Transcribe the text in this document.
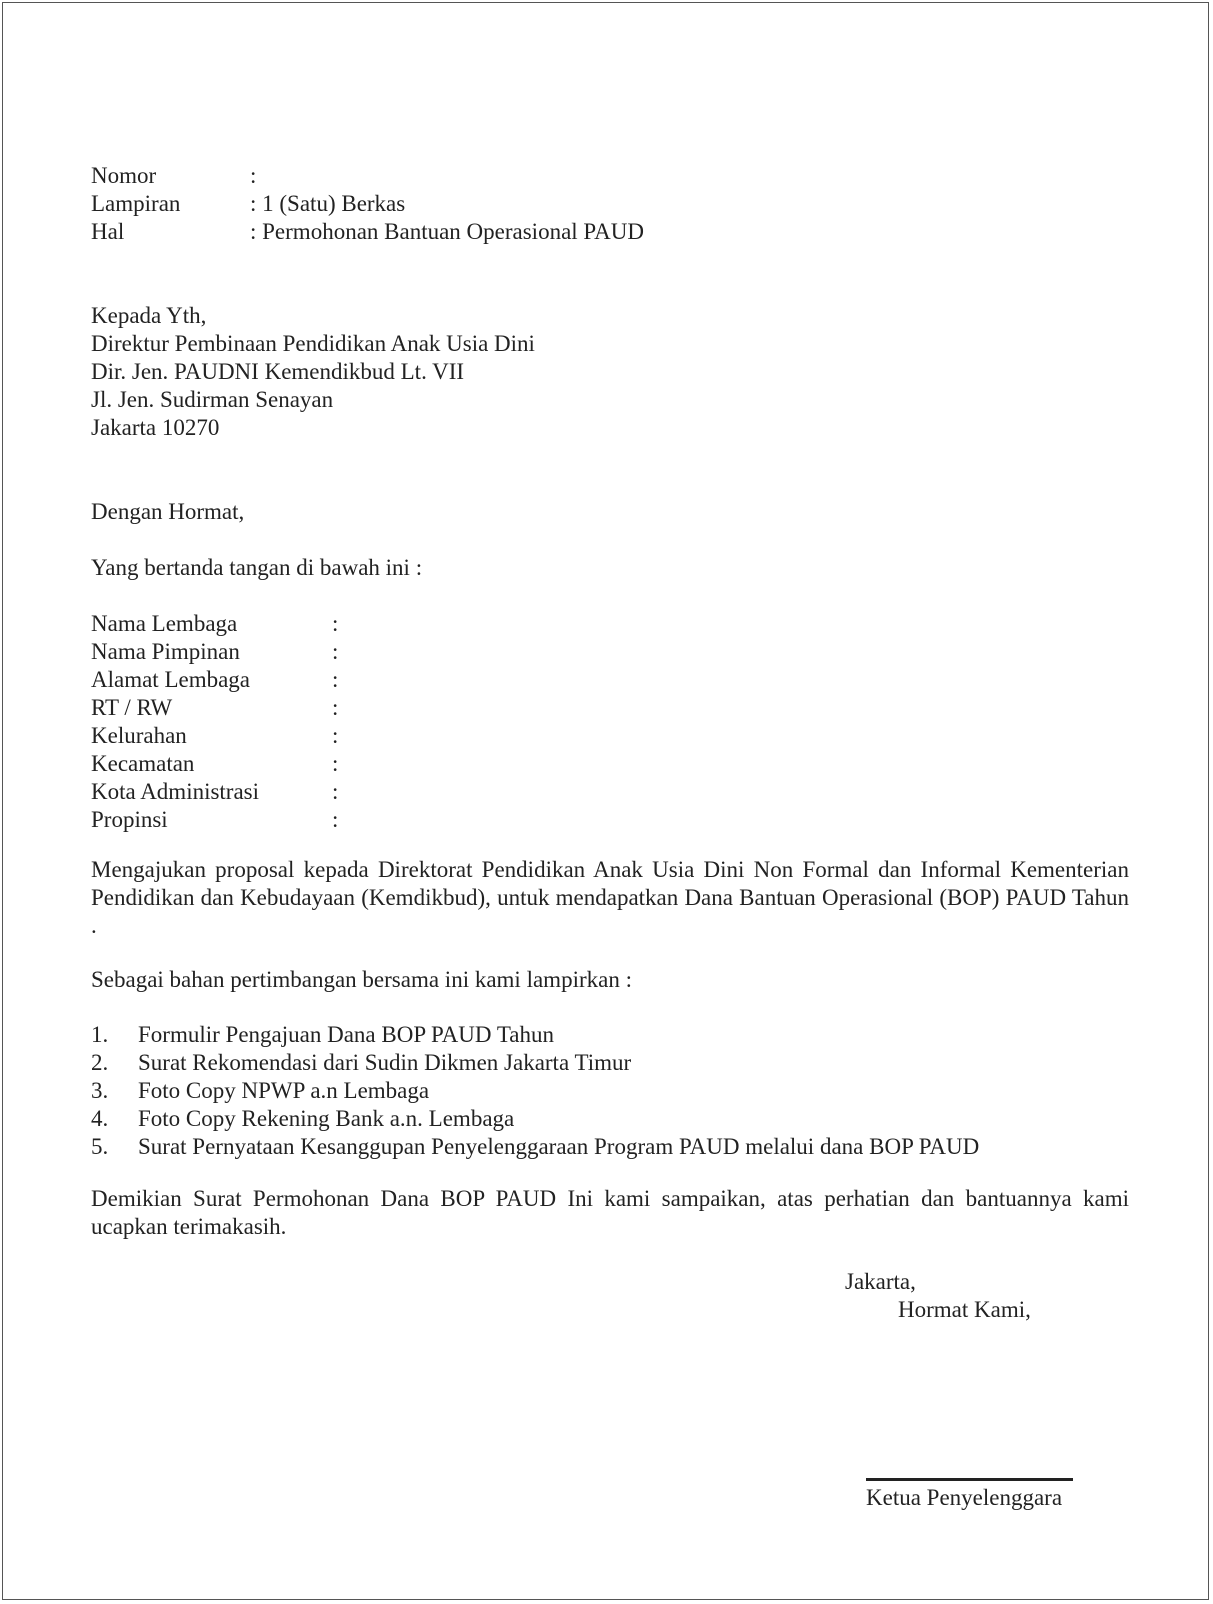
Nomor	:
Lampiran	: 1 (Satu) Berkas
Hal	: Permohonan Bantuan Operasional PAUD
Kepada Yth,
Direktur Pembinaan Pendidikan Anak Usia Dini
Dir. Jen. PAUDNI Kemendikbud Lt. VII
Jl. Jen. Sudirman Senayan
Jakarta 10270
Dengan Hormat,
Yang bertanda tangan di bawah ini :
Nama Lembaga	:
Nama Pimpinan	:
Alamat Lembaga	:
RT / RW	:
Kelurahan	:
Kecamatan	:
Kota Administrasi	:
Propinsi	:

Mengajukan proposal kepada Direktorat Pendidikan Anak Usia Dini Non Formal dan Informal Kementerian Pendidikan dan Kebudayaan (Kemdikbud), untuk mendapatkan Dana Bantuan Operasional (BOP) PAUD Tahun          .

Sebagai bahan pertimbangan bersama ini kami lampirkan :
1.	Formulir Pengajuan Dana BOP PAUD Tahun
2.	Surat Rekomendasi dari Sudin Dikmen Jakarta Timur
3.	Foto Copy NPWP a.n Lembaga
4.	Foto Copy Rekening Bank a.n. Lembaga
5.	Surat Pernyataan Kesanggupan Penyelenggaraan Program PAUD melalui dana BOP PAUD

Demikian Surat Permohonan Dana BOP PAUD Ini kami sampaikan, atas perhatian dan bantuannya kami ucapkan terimakasih.

Jakarta,
Hormat Kami,
Ketua Penyelenggara
